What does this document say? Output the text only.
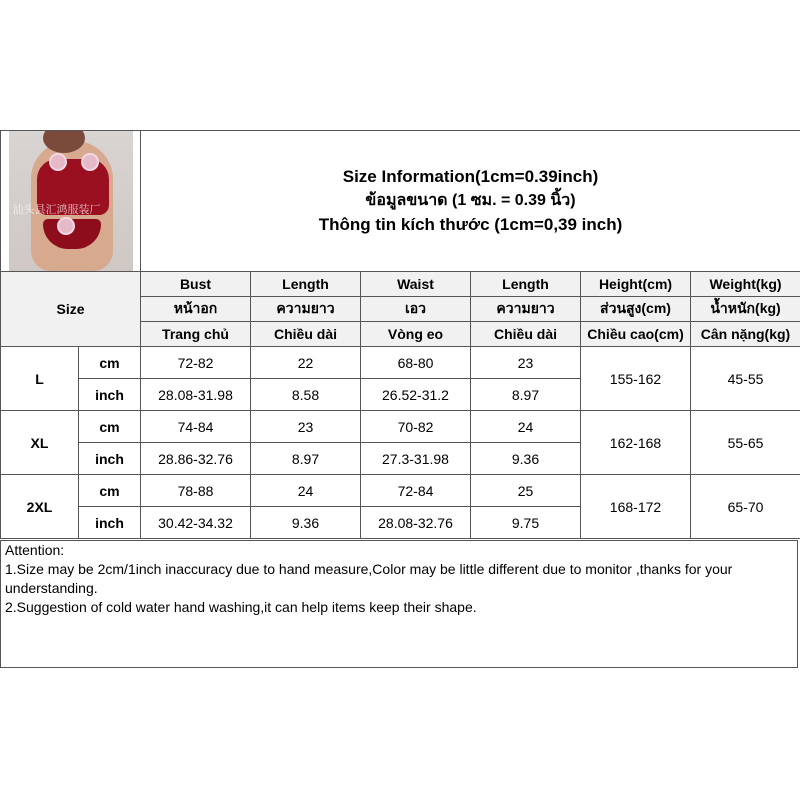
汕头县汇鸿服装厂		Size Information(1cm=0.39inch)
ข้อมูลขนาด (1 ซม. = 0.39 นิ้ว)
Thông tin kích thước (1cm=0,39 inch)					

Size		Bust	Length	Waist	Length	Height(cm)	Weight(kg)
		หน้าอก	ความยาว	เอว	ความยาว	ส่วนสูง(cm)	น้ำหนัก(kg)
		Trang chủ	Chiều dài	Vòng eo	Chiều dài	Chiều cao(cm)	Cân nặng(kg)
L	cm	72-82	22	68-80	23	155-162	45-55
	inch	28.08-31.98	8.58	26.52-31.2	8.97		
XL	cm	74-84	23	70-82	24	162-168	55-65
	inch	28.86-32.76	8.97	27.3-31.98	9.36		
2XL	cm	78-88	24	72-84	25	168-172	65-70
	inch	30.42-34.32	9.36	28.08-32.76	9.75		
Attention:
1.Size may be 2cm/1inch inaccuracy due to hand measure,Color may be little different due to monitor ,thanks for your understanding.
2.Suggestion of cold water hand washing,it can help items keep their shape.
